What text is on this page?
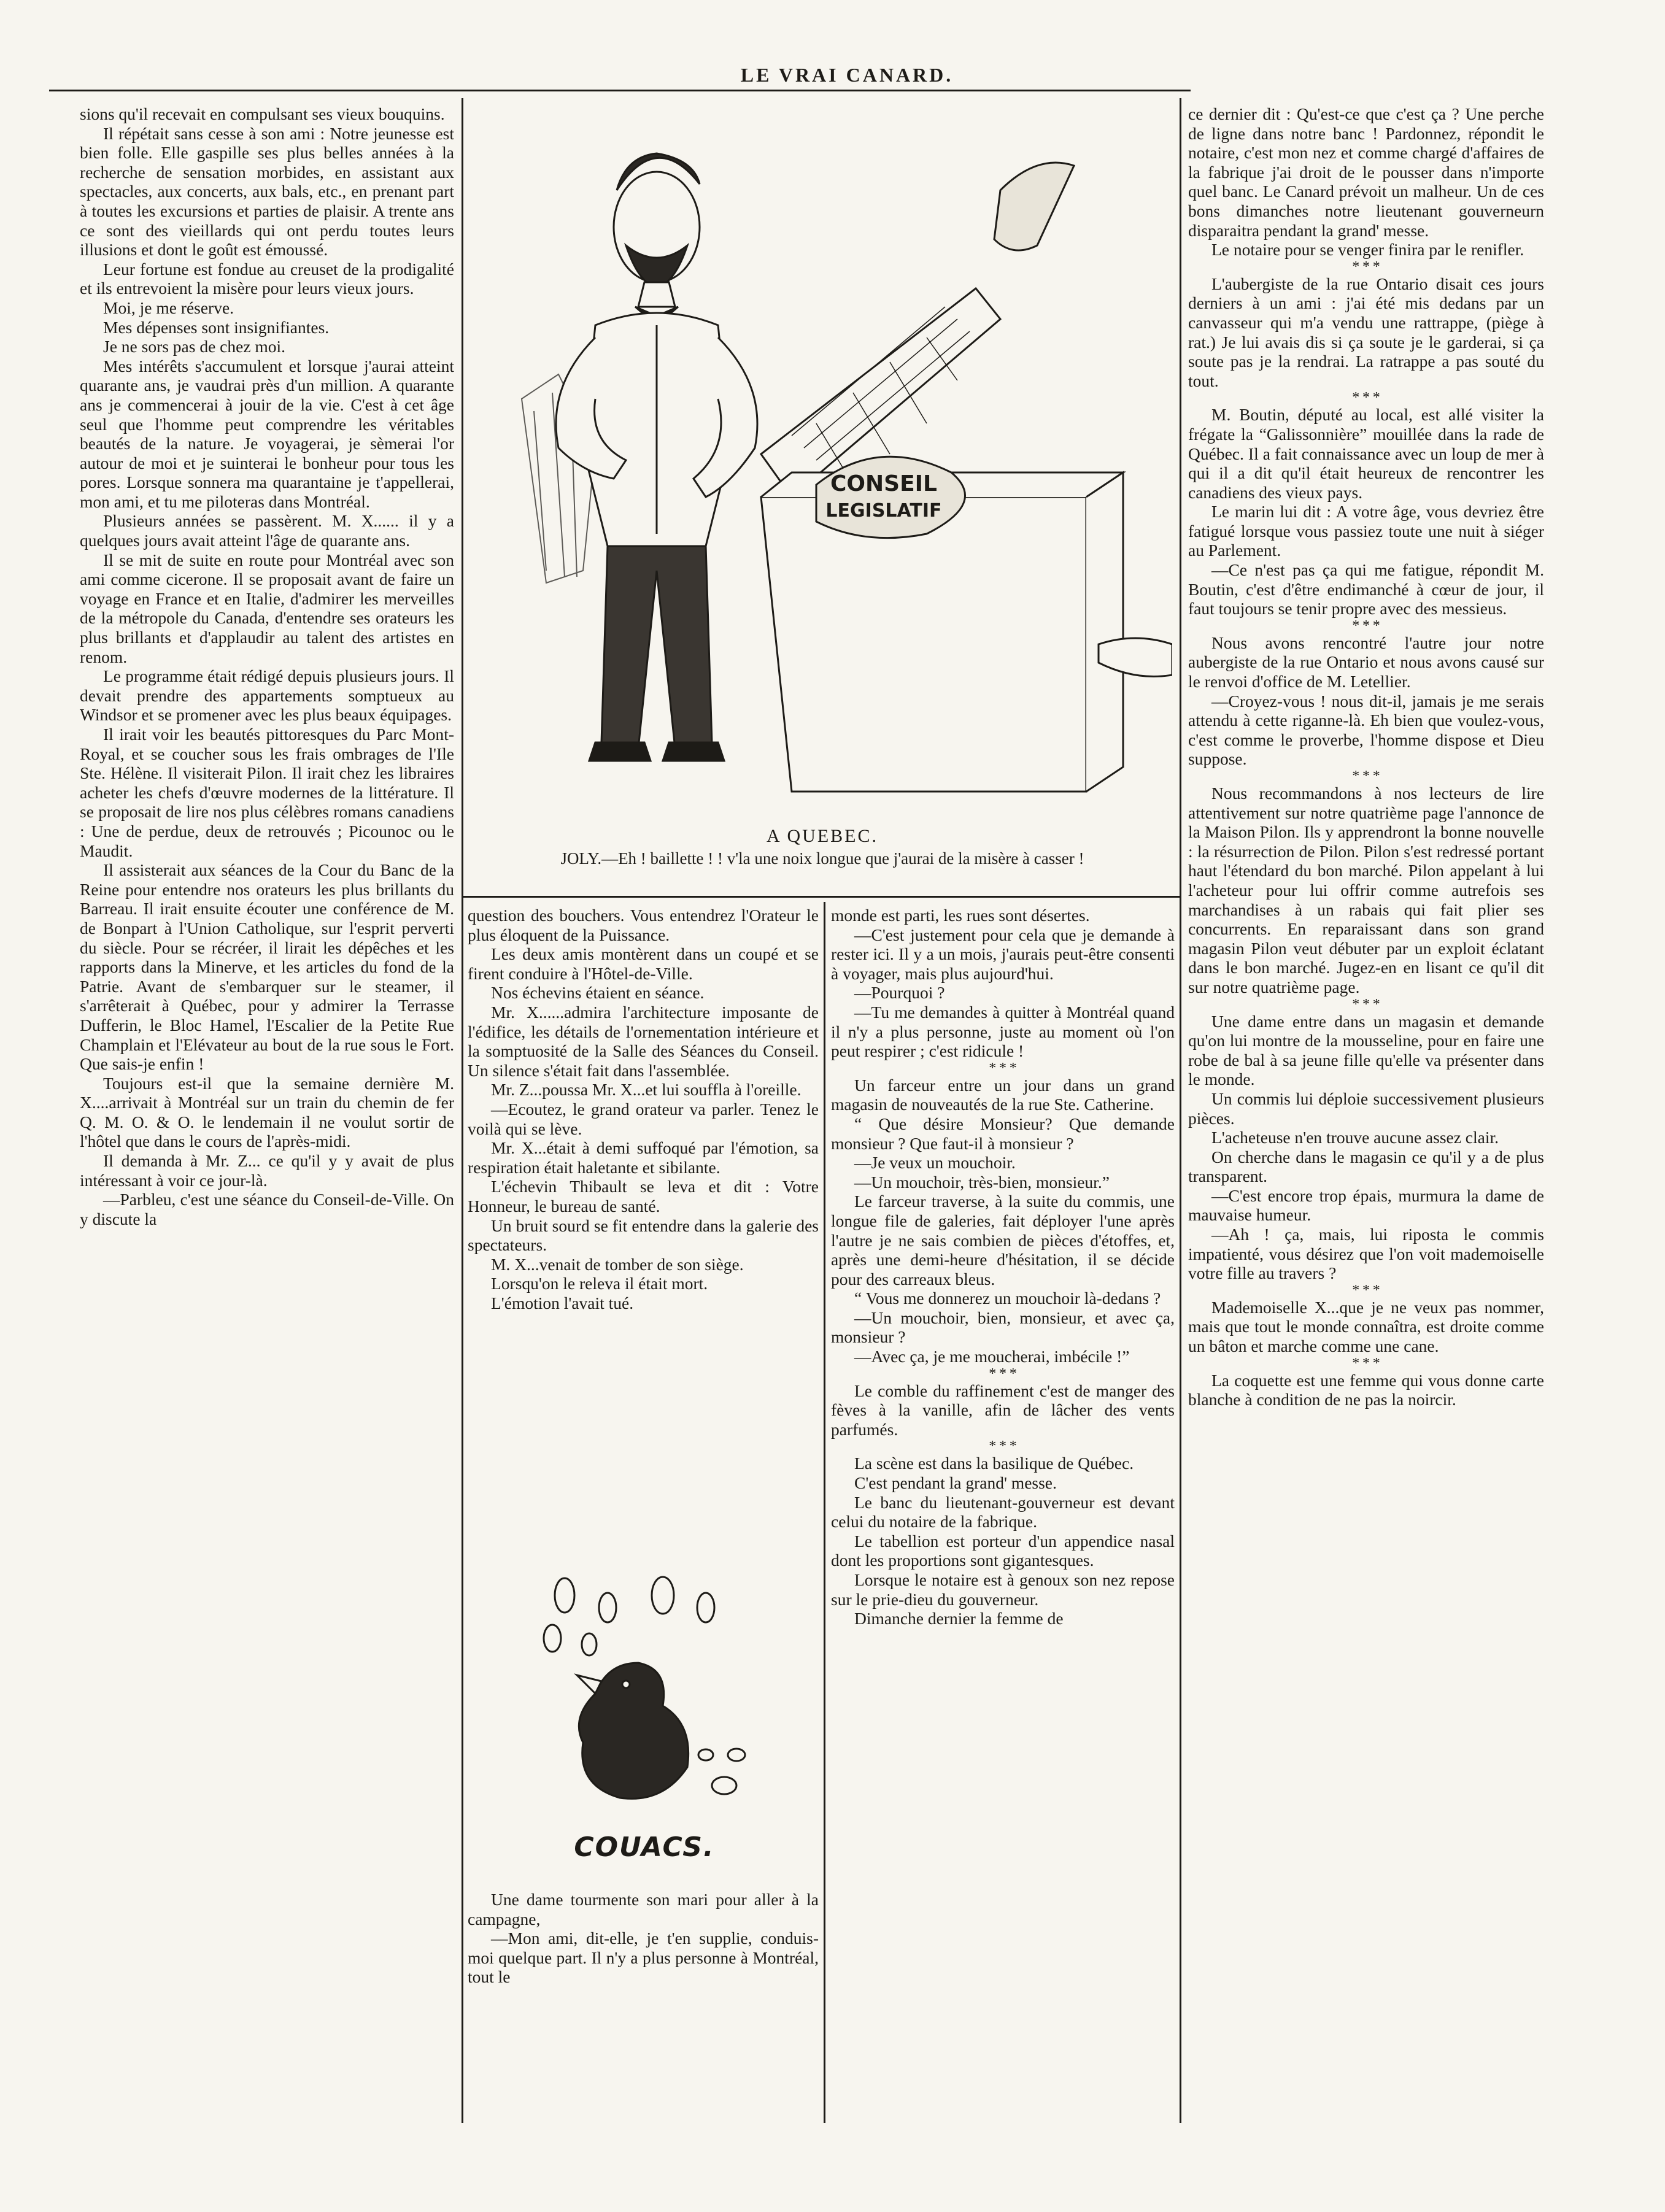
LE VRAI CANARD.

sions qu'il recevait en compulsant ses vieux bouquins.

Il répétait sans cesse à son ami : Notre jeunesse est bien folle. Elle gaspille ses plus belles années à la recherche de sensation morbides, en assistant aux spectacles, aux concerts, aux bals, etc., en prenant part à toutes les excursions et parties de plaisir. A trente ans ce sont des vieillards qui ont perdu toutes leurs illusions et dont le goût est émoussé.

Leur fortune est fondue au creuset de la prodigalité et ils entrevoient la misère pour leurs vieux jours.

Moi, je me réserve.

Mes dépenses sont insignifiantes.

Je ne sors pas de chez moi.

Mes intérêts s'accumulent et lorsque j'aurai atteint quarante ans, je vaudrai près d'un million. A quarante ans je commencerai à jouir de la vie. C'est à cet âge seul que l'homme peut comprendre les véritables beautés de la nature. Je voyagerai, je sèmerai l'or autour de moi et je suinterai le bonheur pour tous les pores. Lorsque sonnera ma quarantaine je t'appellerai, mon ami, et tu me piloteras dans Montréal.

Plusieurs années se passèrent. M. X...... il y a quelques jours avait atteint l'âge de quarante ans.

Il se mit de suite en route pour Montréal avec son ami comme cicerone. Il se proposait avant de faire un voyage en France et en Italie, d'admirer les merveilles de la métropole du Canada, d'entendre ses orateurs les plus brillants et d'applaudir au talent des artistes en renom.

Le programme était rédigé depuis plusieurs jours. Il devait prendre des appartements somptueux au Windsor et se promener avec les plus beaux équipages.

Il irait voir les beautés pittoresques du Parc Mont-Royal, et se coucher sous les frais ombrages de l'Ile Ste. Hélène. Il visiterait Pilon. Il irait chez les libraires acheter les chefs d'œuvre modernes de la littérature. Il se proposait de lire nos plus célèbres romans canadiens : Une de perdue, deux de retrouvés ; Picounoc ou le Maudit.

Il assisterait aux séances de la Cour du Banc de la Reine pour entendre nos orateurs les plus brillants du Barreau. Il irait ensuite écouter une conférence de M. de Bonpart à l'Union Catholique, sur l'esprit perverti du siècle. Pour se récréer, il lirait les dépêches et les rapports dans la Minerve, et les articles du fond de la Patrie. Avant de s'embarquer sur le steamer, il s'arrêterait à Québec, pour y admirer la Terrasse Dufferin, le Bloc Hamel, l'Escalier de la Petite Rue Champlain et l'Elévateur au bout de la rue sous le Fort. Que sais-je enfin !

Toujours est-il que la semaine dernière M. X....arrivait à Montréal sur un train du chemin de fer Q. M. O. & O. le lendemain il ne voulut sortir de l'hôtel que dans le cours de l'après-midi.

Il demanda à Mr. Z... ce qu'il y y avait de plus intéressant à voir ce jour-là.

—Parbleu, c'est une séance du Conseil-de-Ville. On y discute la

CONSEIL
LEGISLATIF
A QUEBEC.
JOLY.—Eh ! baillette ! ! v'la une noix longue que j'aurai de la misère à casser !

question des bouchers. Vous entendrez l'Orateur le plus éloquent de la Puissance.

Les deux amis montèrent dans un coupé et se firent conduire à l'Hôtel-de-Ville.

Nos échevins étaient en séance.

Mr. X......admira l'architecture imposante de l'édifice, les détails de l'ornementation intérieure et la somptuosité de la Salle des Séances du Conseil. Un silence s'était fait dans l'assemblée.

Mr. Z...poussa Mr. X...et lui souffla à l'oreille.

—Ecoutez, le grand orateur va parler. Tenez le voilà qui se lève.

Mr. X...était à demi suffoqué par l'émotion, sa respiration était haletante et sibilante.

L'échevin Thibault se leva et dit : Votre Honneur, le bureau de santé.

Un bruit sourd se fit entendre dans la galerie des spectateurs.

M. X...venait de tomber de son siège.

Lorsqu'on le releva il était mort.

L'émotion l'avait tué.

COUACS.

Une dame tourmente son mari pour aller à la campagne,

—Mon ami, dit-elle, je t'en supplie, conduis-moi quelque part. Il n'y a plus personne à Montréal, tout le

monde est parti, les rues sont désertes.

—C'est justement pour cela que je demande à rester ici. Il y a un mois, j'aurais peut-être consenti à voyager, mais plus aujourd'hui.

—Pourquoi ?

—Tu me demandes à quitter à Montréal quand il n'y a plus personne, juste au moment où l'on peut respirer ; c'est ridicule !

* * *

Un farceur entre un jour dans un grand magasin de nouveautés de la rue Ste. Catherine.

“ Que désire Monsieur? Que demande monsieur ? Que faut-il à monsieur ?

—Je veux un mouchoir.

—Un mouchoir, très-bien, monsieur.”

Le farceur traverse, à la suite du commis, une longue file de galeries, fait déployer l'une après l'autre je ne sais combien de pièces d'étoffes, et, après une demi-heure d'hésitation, il se décide pour des carreaux bleus.

“ Vous me donnerez un mouchoir là-dedans ?

—Un mouchoir, bien, monsieur, et avec ça, monsieur ?

—Avec ça, je me moucherai, imbécile !”

* * *

Le comble du raffinement c'est de manger des fèves à la vanille, afin de lâcher des vents parfumés.

* * *

La scène est dans la basilique de Québec.

C'est pendant la grand' messe.

Le banc du lieutenant-gouverneur est devant celui du notaire de la fabrique.

Le tabellion est porteur d'un appendice nasal dont les proportions sont gigantesques.

Lorsque le notaire est à genoux son nez repose sur le prie-dieu du gouverneur.

Dimanche dernier la femme de

ce dernier dit : Qu'est-ce que c'est ça ? Une perche de ligne dans notre banc ! Pardonnez, répondit le notaire, c'est mon nez et comme chargé d'affaires de la fabrique j'ai droit de le pousser dans n'importe quel banc. Le Canard prévoit un malheur. Un de ces bons dimanches notre lieutenant gouverneurn disparaitra pendant la grand' messe.

Le notaire pour se venger finira par le renifler.

* * *

L'aubergiste de la rue Ontario disait ces jours derniers à un ami : j'ai été mis dedans par un canvasseur qui m'a vendu une rattrappe, (piège à rat.) Je lui avais dis si ça soute je le garderai, si ça soute pas je la rendrai. La ratrappe a pas souté du tout.

* * *

M. Boutin, député au local, est allé visiter la frégate la “Galissonnière” mouillée dans la rade de Québec. Il a fait connaissance avec un loup de mer à qui il a dit qu'il était heureux de rencontrer les canadiens des vieux pays.

Le marin lui dit : A votre âge, vous devriez être fatigué lorsque vous passiez toute une nuit à siéger au Parlement.

—Ce n'est pas ça qui me fatigue, répondit M. Boutin, c'est d'être endimanché à cœur de jour, il faut toujours se tenir propre avec des messieus.

* * *

Nous avons rencontré l'autre jour notre aubergiste de la rue Ontario et nous avons causé sur le renvoi d'office de M. Letellier.

—Croyez-vous ! nous dit-il, jamais je me serais attendu à cette riganne-là. Eh bien que voulez-vous, c'est comme le proverbe, l'homme dispose et Dieu suppose.

* * *

Nous recommandons à nos lecteurs de lire attentivement sur notre quatrième page l'annonce de la Maison Pilon. Ils y apprendront la bonne nouvelle : la résurrection de Pilon. Pilon s'est redressé portant haut l'étendard du bon marché. Pilon appelant à lui l'acheteur pour lui offrir comme autrefois ses marchandises à un rabais qui fait plier ses concurrents. En reparaissant dans son grand magasin Pilon veut débuter par un exploit éclatant dans le bon marché. Jugez-en en lisant ce qu'il dit sur notre quatrième page.

* * *

Une dame entre dans un magasin et demande qu'on lui montre de la mousseline, pour en faire une robe de bal à sa jeune fille qu'elle va présenter dans le monde.

Un commis lui déploie successivement plusieurs pièces.

L'acheteuse n'en trouve aucune assez clair.

On cherche dans le magasin ce qu'il y a de plus transparent.

—C'est encore trop épais, murmura la dame de mauvaise humeur.

—Ah ! ça, mais, lui riposta le commis impatienté, vous désirez que l'on voit mademoiselle votre fille au travers ?

* * *

Mademoiselle X...que je ne veux pas nommer, mais que tout le monde connaîtra, est droite comme un bâton et marche comme une cane.

* * *

La coquette est une femme qui vous donne carte blanche à condition de ne pas la noircir.
